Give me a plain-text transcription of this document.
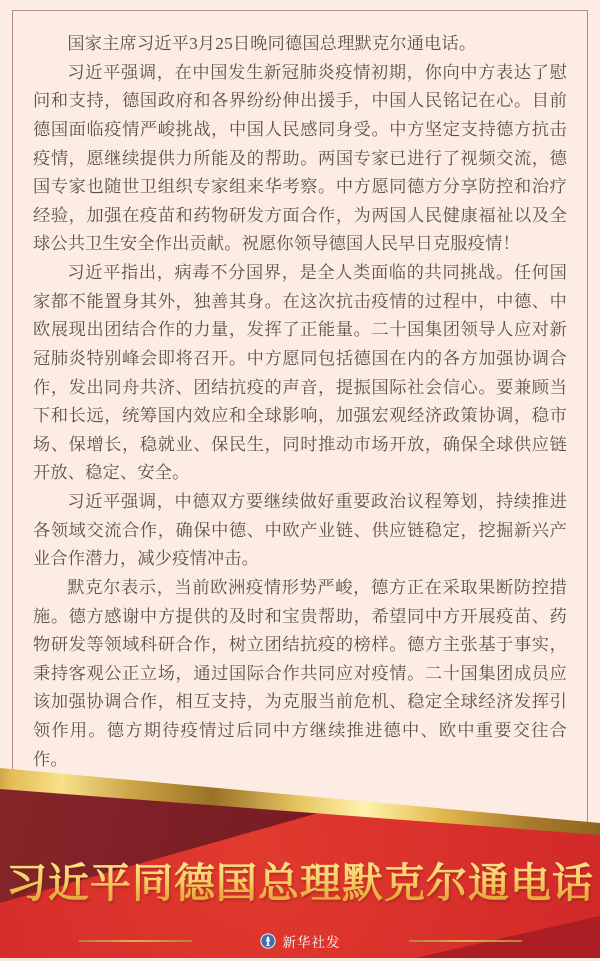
国家主席习近平3月25日晚同德国总理默克尔通电话。

习近平强调，在中国发生新冠肺炎疫情初期，你向中方表达了慰问和支持，德国政府和各界纷纷伸出援手，中国人民铭记在心。目前德国面临疫情严峻挑战，中国人民感同身受。中方坚定支持德方抗击疫情，愿继续提供力所能及的帮助。两国专家已进行了视频交流，德国专家也随世卫组织专家组来华考察。中方愿同德方分享防控和治疗经验，加强在疫苗和药物研发方面合作，为两国人民健康福祉以及全球公共卫生安全作出贡献。祝愿你领导德国人民早日克服疫情！

习近平指出，病毒不分国界，是全人类面临的共同挑战。任何国家都不能置身其外，独善其身。在这次抗击疫情的过程中，中德、中欧展现出团结合作的力量，发挥了正能量。二十国集团领导人应对新冠肺炎特别峰会即将召开。中方愿同包括德国在内的各方加强协调合作，发出同舟共济、团结抗疫的声音，提振国际社会信心。要兼顾当下和长远，统筹国内效应和全球影响，加强宏观经济政策协调，稳市场、保增长，稳就业、保民生，同时推动市场开放，确保全球供应链开放、稳定、安全。

习近平强调，中德双方要继续做好重要政治议程筹划，持续推进各领域交流合作，确保中德、中欧产业链、供应链稳定，挖掘新兴产业合作潜力，减少疫情冲击。

默克尔表示，当前欧洲疫情形势严峻，德方正在采取果断防控措施。德方感谢中方提供的及时和宝贵帮助，希望同中方开展疫苗、药物研发等领域科研合作，树立团结抗疫的榜样。德方主张基于事实，秉持客观公正立场，通过国际合作共同应对疫情。二十国集团成员应该加强协调合作，相互支持，为克服当前危机、稳定全球经济发挥引领作用。德方期待疫情过后同中方继续推进德中、欧中重要交往合作。

习近平同德国总理默克尔通电话
新华社发
